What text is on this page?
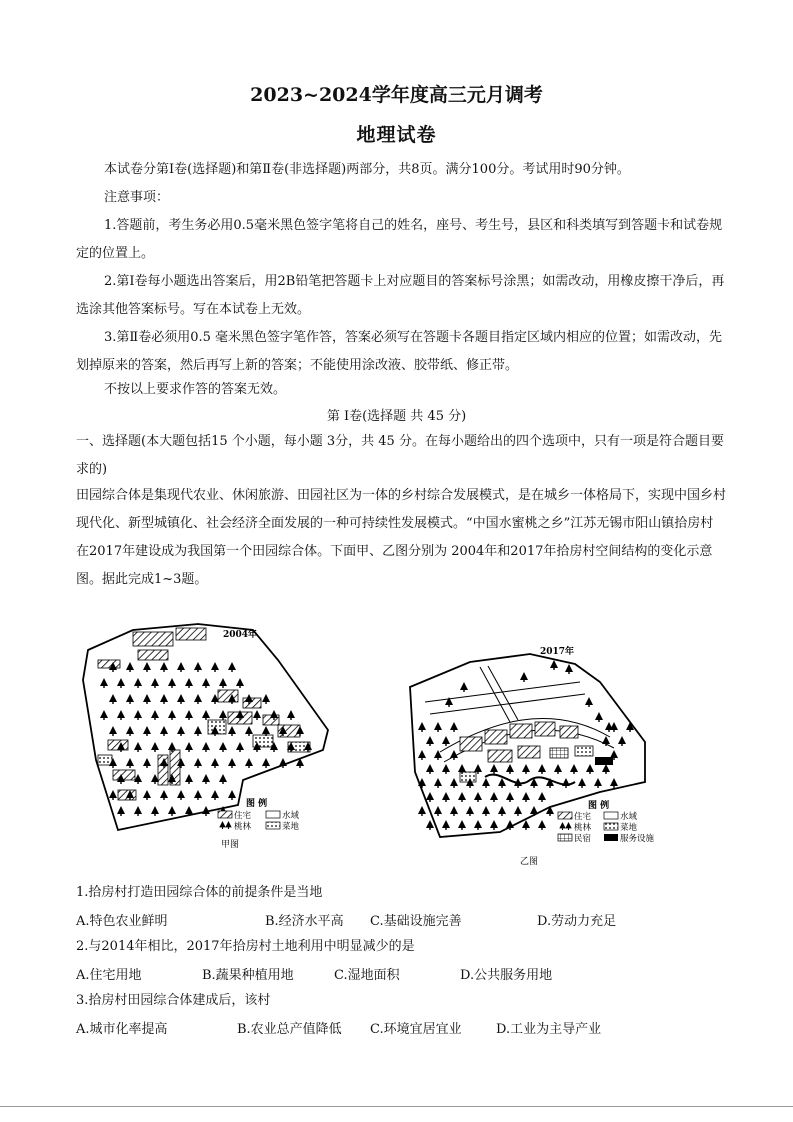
2023~2024学年度高三元月调考
地理试卷
本试卷分第Ⅰ卷(选择题)和第Ⅱ卷(非选择题)两部分，共8页。满分100分。考试用时90分钟。
注意事项：
1.答题前，考生务必用0.5毫米黑色签字笔将自己的姓名，座号、考生号，县区和科类填写到答题卡和试卷规定的位置上。
2.第Ⅰ卷每小题选出答案后，用2B铅笔把答题卡上对应题目的答案标号涂黑；如需改动，用橡皮擦干净后，再选涂其他答案标号。写在本试卷上无效。
3.第Ⅱ卷必须用0.5 毫米黑色签字笔作答，答案必须写在答题卡各题目指定区域内相应的位置；如需改动，先划掉原来的答案，然后再写上新的答案；不能使用涂改液、胶带纸、修正带。
不按以上要求作答的答案无效。
第 Ⅰ卷(选择题 共 45 分)
一、选择题(本大题包括15 个小题，每小题 3分，共 45 分。在每小题给出的四个选项中，只有一项是符合题目要求的)
田园综合体是集现代农业、休闲旅游、田园社区为一体的乡村综合发展模式，是在城乡一体格局下，实现中国乡村现代化、新型城镇化、社会经济全面发展的一种可持续性发展模式。“中国水蜜桃之乡”江苏无锡市阳山镇拾房村在2017年建设成为我国第一个田园综合体。下面甲、乙图分别为 2004年和2017年拾房村空间结构的变化示意图。据此完成1~3题。
2004年
图 例
住宅	水域
桃林	菜地
甲图
2017年
图 例
住宅	水域
桃林	菜地
民宿	服务设施
乙图
1.拾房村打造田园综合体的前提条件是当地
A.特色农业鲜明	B.经济水平高 C.基础设施完善	D.劳动力充足
2.与2014年相比，2017年拾房村土地利用中明显减少的是
A.住宅用地	B.蔬果种植用地	C.湿地面积	D.公共服务用地
3.拾房村田园综合体建成后，该村
A.城市化率提高	B.农业总产值降低 C.环境宜居宜业	D.工业为主导产业
